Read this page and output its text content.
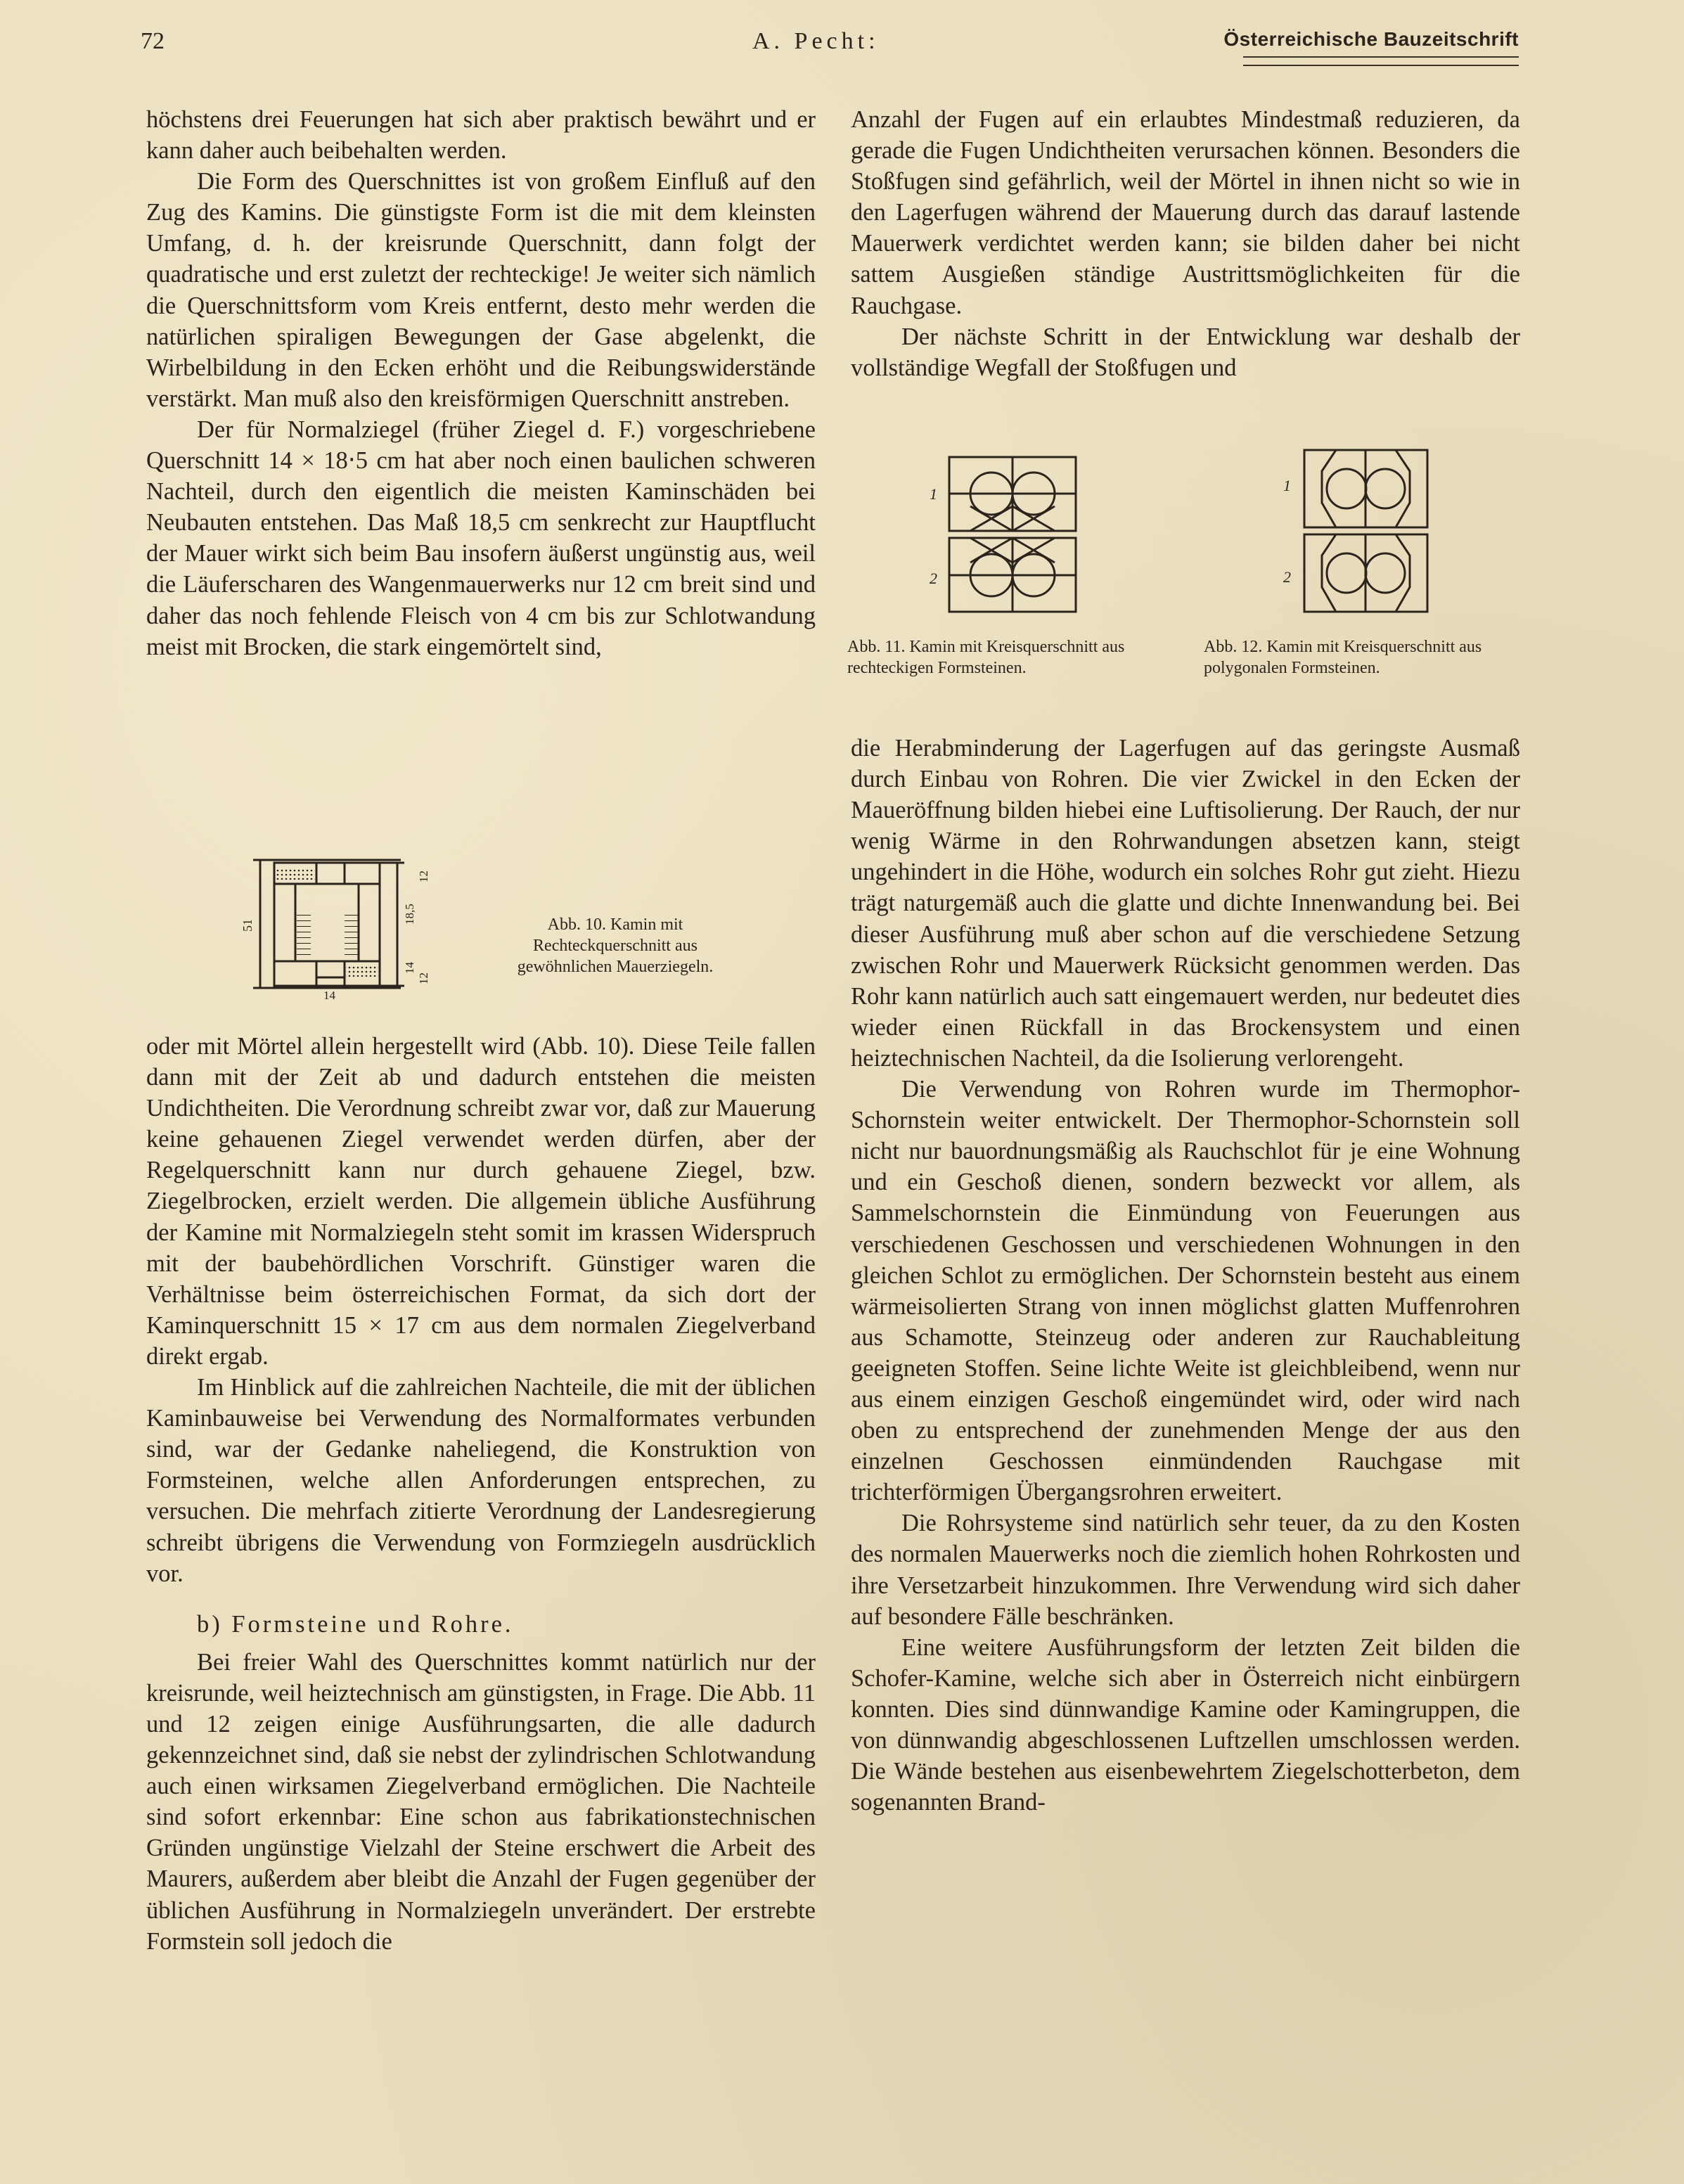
72	A. Pecht:	Österreichische Bauzeitschrift

höchstens drei Feuerungen hat sich aber praktisch bewährt und er kann daher auch beibehalten werden.

Die Form des Querschnittes ist von großem Einfluß auf den Zug des Kamins. Die günstigste Form ist die mit dem kleinsten Umfang, d. h. der kreisrunde Querschnitt, dann folgt der quadratische und erst zuletzt der rechteckige! Je weiter sich nämlich die Querschnittsform vom Kreis entfernt, desto mehr werden die natürlichen spiraligen Bewegungen der Gase abgelenkt, die Wirbelbildung in den Ecken erhöht und die Reibungswiderstände verstärkt. Man muß also den kreisförmigen Querschnitt anstreben.

Der für Normalziegel (früher Ziegel d. F.) vorgeschriebene Querschnitt 14 × 18‧5 cm hat aber noch einen baulichen schweren Nachteil, durch den eigentlich die meisten Kaminschäden bei Neubauten entstehen. Das Maß 18,5 cm senkrecht zur Hauptflucht der Mauer wirkt sich beim Bau insofern äußerst ungünstig aus, weil die Läuferscharen des Wangenmauerwerks nur 12 cm breit sind und daher das noch fehlende Fleisch von 4 cm bis zur Schlotwandung meist mit Brocken, die stark eingemörtelt sind,

51
14
18,5
14
12
12
Abb. 10. Kamin mit Rechteckquerschnitt aus gewöhnlichen Mauerziegeln.

oder mit Mörtel allein hergestellt wird (Abb. 10). Diese Teile fallen dann mit der Zeit ab und dadurch entstehen die meisten Undichtheiten. Die Verordnung schreibt zwar vor, daß zur Mauerung keine gehauenen Ziegel verwendet werden dürfen, aber der Regelquerschnitt kann nur durch gehauene Ziegel, bzw. Ziegelbrocken, erzielt werden. Die allgemein übliche Ausführung der Kamine mit Normalziegeln steht somit im krassen Widerspruch mit der baubehördlichen Vorschrift. Günstiger waren die Verhältnisse beim österreichischen Format, da sich dort der Kaminquerschnitt 15 × 17 cm aus dem normalen Ziegelverband direkt ergab.

Im Hinblick auf die zahlreichen Nachteile, die mit der üblichen Kaminbauweise bei Verwendung des Normalformates verbunden sind, war der Gedanke naheliegend, die Konstruktion von Formsteinen, welche allen Anforderungen entsprechen, zu versuchen. Die mehrfach zitierte Verordnung der Landesregierung schreibt übrigens die Verwendung von Formziegeln ausdrücklich vor.

b) Formsteine und Rohre.

Bei freier Wahl des Querschnittes kommt natürlich nur der kreisrunde, weil heiztechnisch am günstigsten, in Frage. Die Abb. 11 und 12 zeigen einige Ausführungsarten, die alle dadurch gekennzeichnet sind, daß sie nebst der zylindrischen Schlotwandung auch einen wirksamen Ziegelverband ermöglichen. Die Nachteile sind sofort erkennbar: Eine schon aus fabrikationstechnischen Gründen ungünstige Vielzahl der Steine erschwert die Arbeit des Maurers, außerdem aber bleibt die Anzahl der Fugen gegenüber der üblichen Ausführung in Normalziegeln unverändert. Der erstrebte Formstein soll jedoch die

Anzahl der Fugen auf ein erlaubtes Mindestmaß reduzieren, da gerade die Fugen Undichtheiten verursachen können. Besonders die Stoßfugen sind gefährlich, weil der Mörtel in ihnen nicht so wie in den Lagerfugen während der Mauerung durch das darauf lastende Mauerwerk verdichtet werden kann; sie bilden daher bei nicht sattem Ausgießen ständige Austrittsmöglichkeiten für die Rauchgase.

Der nächste Schritt in der Entwicklung war deshalb der vollständige Wegfall der Stoßfugen und

1
2
Abb. 11. Kamin mit Kreisquerschnitt aus rechteckigen Formsteinen.
1
2
Abb. 12. Kamin mit Kreisquerschnitt aus polygonalen Formsteinen.

die Herabminderung der Lagerfugen auf das geringste Ausmaß durch Einbau von Rohren. Die vier Zwickel in den Ecken der Maueröffnung bilden hiebei eine Luftisolierung. Der Rauch, der nur wenig Wärme in den Rohrwandungen absetzen kann, steigt ungehindert in die Höhe, wodurch ein solches Rohr gut zieht. Hiezu trägt naturgemäß auch die glatte und dichte Innenwandung bei. Bei dieser Ausführung muß aber schon auf die verschiedene Setzung zwischen Rohr und Mauerwerk Rücksicht genommen werden. Das Rohr kann natürlich auch satt eingemauert werden, nur bedeutet dies wieder einen Rückfall in das Brockensystem und einen heiztechnischen Nachteil, da die Isolierung verlorengeht.

Die Verwendung von Rohren wurde im Thermophor-Schornstein weiter entwickelt. Der Thermophor-Schornstein soll nicht nur bauordnungsmäßig als Rauchschlot für je eine Wohnung und ein Geschoß dienen, sondern bezweckt vor allem, als Sammelschornstein die Einmündung von Feuerungen aus verschiedenen Geschossen und verschiedenen Wohnungen in den gleichen Schlot zu ermöglichen. Der Schornstein besteht aus einem wärmeisolierten Strang von innen möglichst glatten Muffenrohren aus Schamotte, Steinzeug oder anderen zur Rauchableitung geeigneten Stoffen. Seine lichte Weite ist gleichbleibend, wenn nur aus einem einzigen Geschoß eingemündet wird, oder wird nach oben zu entsprechend der zunehmenden Menge der aus den einzelnen Geschossen einmündenden Rauchgase mit trichterförmigen Übergangsrohren erweitert.

Die Rohrsysteme sind natürlich sehr teuer, da zu den Kosten des normalen Mauerwerks noch die ziemlich hohen Rohrkosten und ihre Versetzarbeit hinzukommen. Ihre Verwendung wird sich daher auf besondere Fälle beschränken.

Eine weitere Ausführungsform der letzten Zeit bilden die Schofer-Kamine, welche sich aber in Österreich nicht einbürgern konnten. Dies sind dünnwandige Kamine oder Kamingruppen, die von dünnwandig abgeschlossenen Luftzellen umschlossen werden. Die Wände bestehen aus eisenbewehrtem Ziegelschotterbeton, dem sogenannten Brand-
